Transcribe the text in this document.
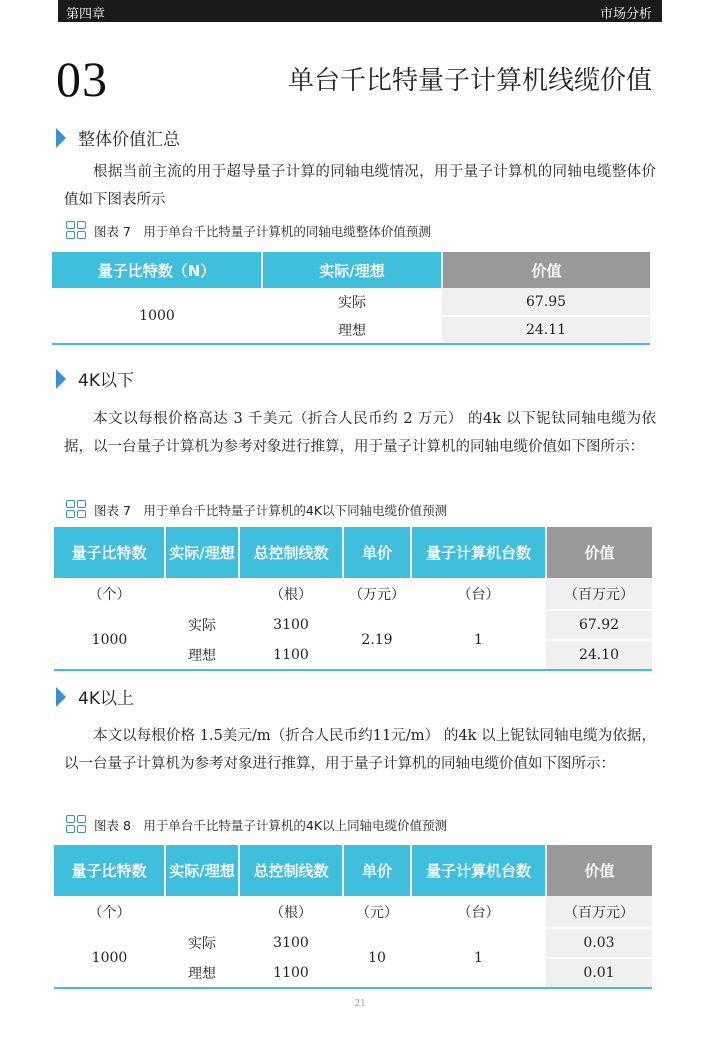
第四章	市场分析
03	单台千比特量子计算机线缆价值
整体价值汇总
根据当前主流的用于超导量子计算的同轴电缆情况，用于量子计算机的同轴电缆整体价值如下图表所示
图表 7　用于单台千比特量子计算机的同轴电缆整体价值预测
量子比特数（N）	实际/理想	价值
1000	实际	67.95
	理想	24.11
4K以下
本文以每根价格高达 3 千美元（折合人民币约 2 万元） 的4k 以下铌钛同轴电缆为依据，以一台量子计算机为参考对象进行推算，用于量子计算机的同轴电缆价值如下图所示：
图表 7　用于单台千比特量子计算机的4K以下同轴电缆价值预测
量子比特数	实际/理想	总控制线数	单价	量子计算机台数	价值
（个）		（根）	（万元）	（台）	（百万元）
1000	实际	3100	2.19	1	67.92
	理想	1100			24.10
4K以上
本文以每根价格 1.5美元/m（折合人民币约11元/m） 的4k 以上铌钛同轴电缆为依据，以一台量子计算机为参考对象进行推算，用于量子计算机的同轴电缆价值如下图所示：
图表 8　用于单台千比特量子计算机的4K以上同轴电缆价值预测
量子比特数	实际/理想	总控制线数	单价	量子计算机台数	价值
（个）		（根）	（元）	（台）	（百万元）
1000	实际	3100	10	1	0.03
	理想	1100			0.01
21
